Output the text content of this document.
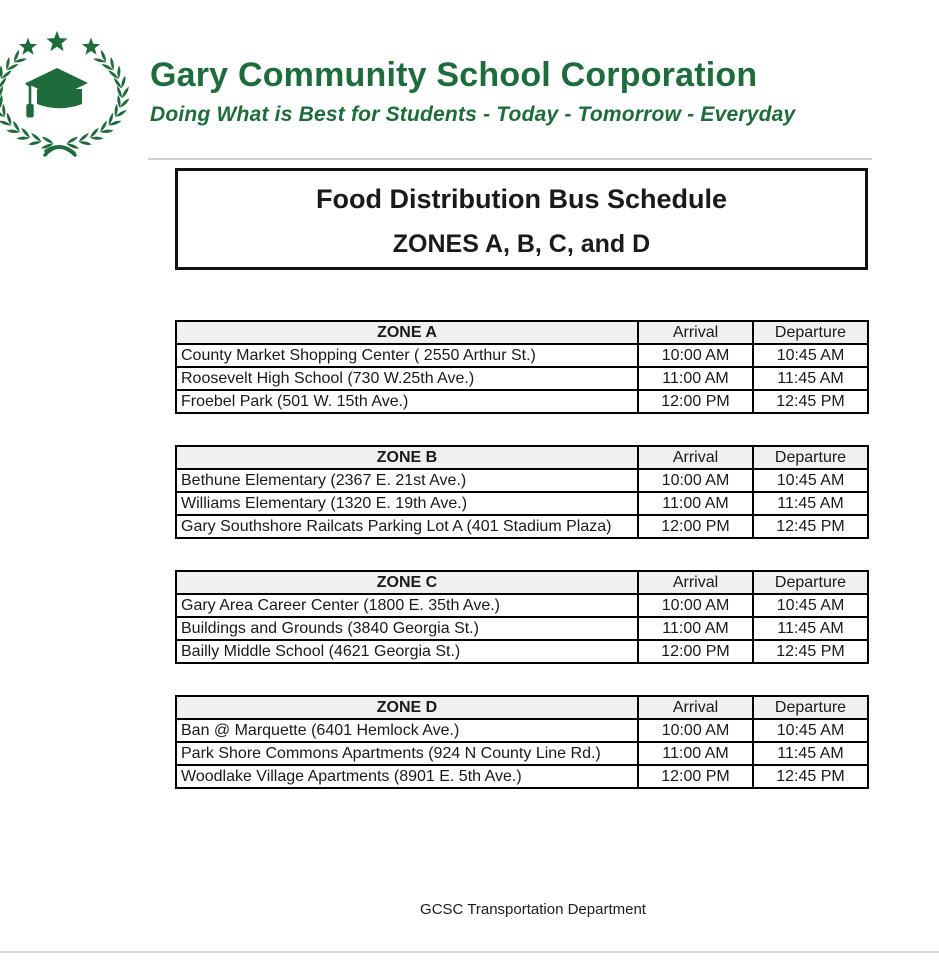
Gary Community School Corporation
Doing What is Best for Students - Today - Tomorrow - Everyday
Food Distribution Bus Schedule
ZONES A, B, C, and D
ZONE A	Arrival	Departure
County Market Shopping Center ( 2550 Arthur St.)	10:00 AM	10:45 AM
Roosevelt High School (730 W.25th Ave.)	11:00 AM	11:45 AM
Froebel Park (501 W. 15th Ave.)	12:00 PM	12:45 PM
ZONE B	Arrival	Departure
Bethune Elementary (2367 E. 21st Ave.)	10:00 AM	10:45 AM
Williams Elementary (1320 E. 19th Ave.)	11:00 AM	11:45 AM
Gary Southshore Railcats Parking Lot A (401 Stadium Plaza)	12:00 PM	12:45 PM
ZONE C	Arrival	Departure
Gary Area Career Center (1800 E. 35th Ave.)	10:00 AM	10:45 AM
Buildings and Grounds (3840 Georgia St.)	11:00 AM	11:45 AM
Bailly Middle School (4621 Georgia St.)	12:00 PM	12:45 PM
ZONE D	Arrival	Departure
Ban @ Marquette (6401 Hemlock Ave.)	10:00 AM	10:45 AM
Park Shore Commons Apartments (924 N County Line Rd.)	11:00 AM	11:45 AM
Woodlake Village Apartments (8901 E. 5th Ave.)	12:00 PM	12:45 PM
GCSC Transportation Department
